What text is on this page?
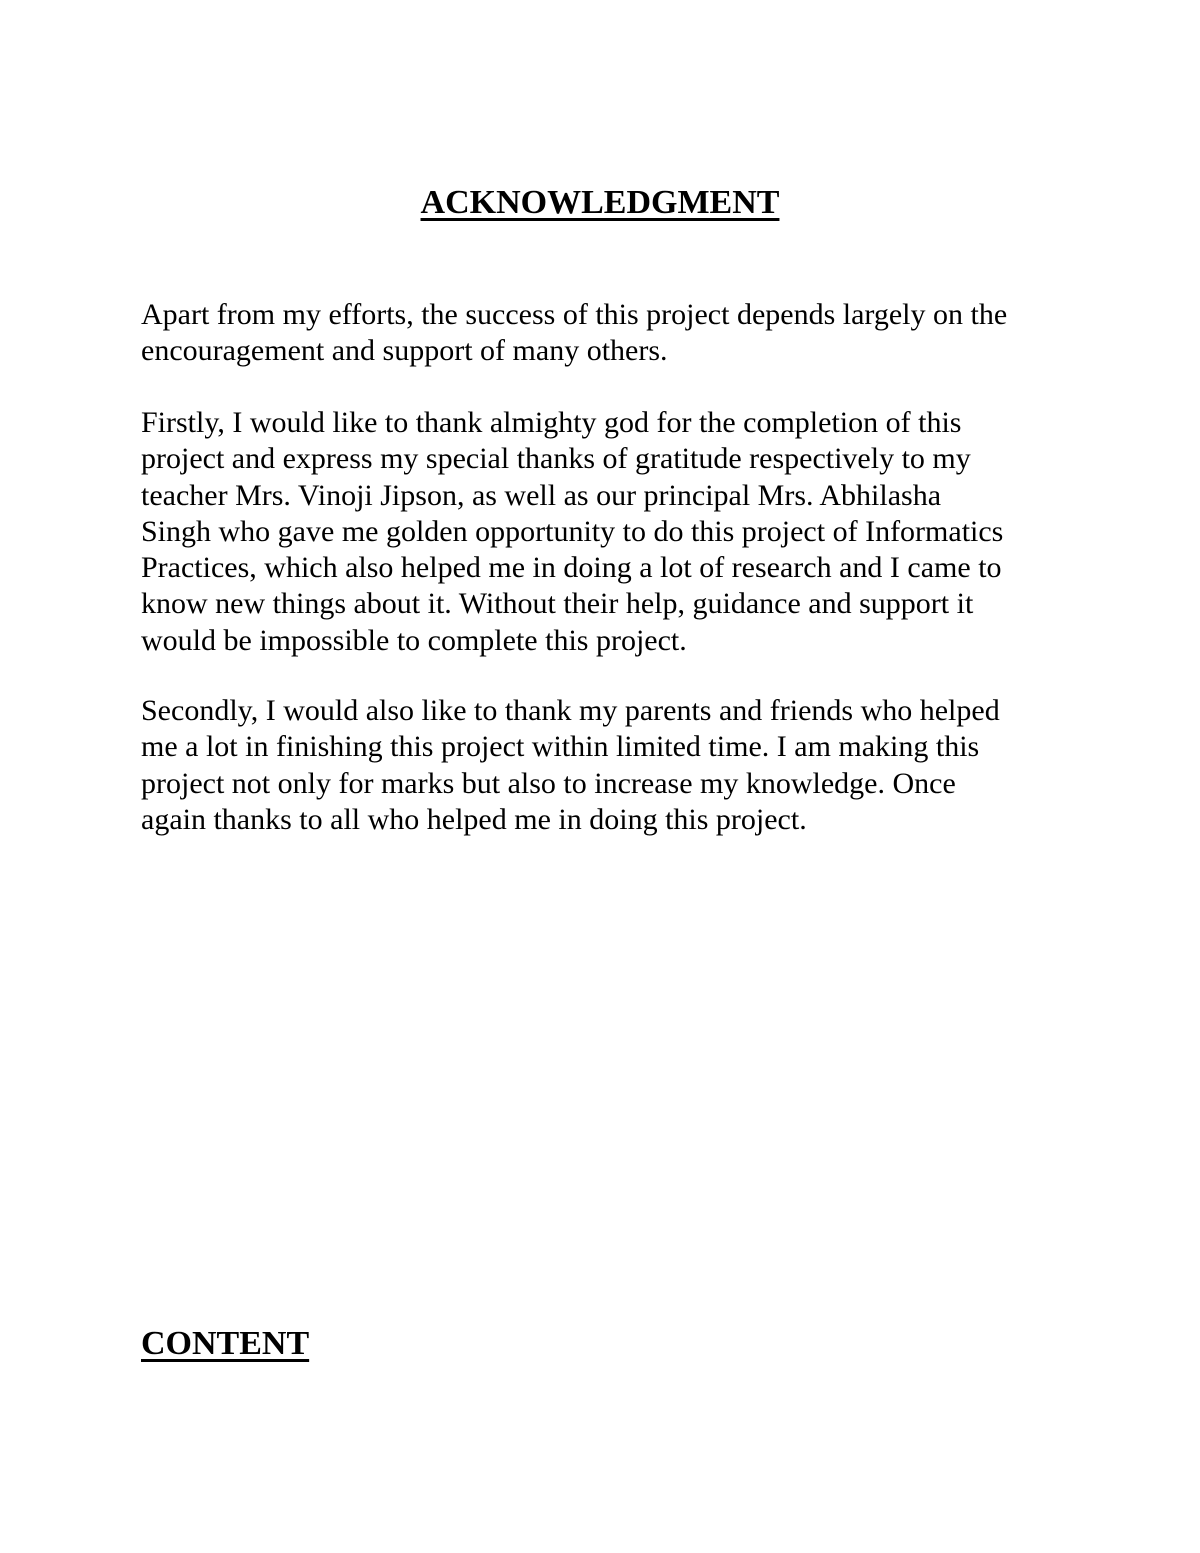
ACKNOWLEDGMENT

Apart from my efforts, the success of this project depends largely on the
encouragement and support of many others.

Firstly, I would like to thank almighty god for the completion of this
project and express my special thanks of gratitude respectively to my
teacher Mrs. Vinoji Jipson, as well as our principal Mrs. Abhilasha
Singh who gave me golden opportunity to do this project of Informatics
Practices, which also helped me in doing a lot of research and I came to
know new things about it. Without their help, guidance and support it
would be impossible to complete this project.

Secondly, I would also like to thank my parents and friends who helped
me a lot in finishing this project within limited time. I am making this
project not only for marks but also to increase my knowledge. Once
again thanks to all who helped me in doing this project.

CONTENT
